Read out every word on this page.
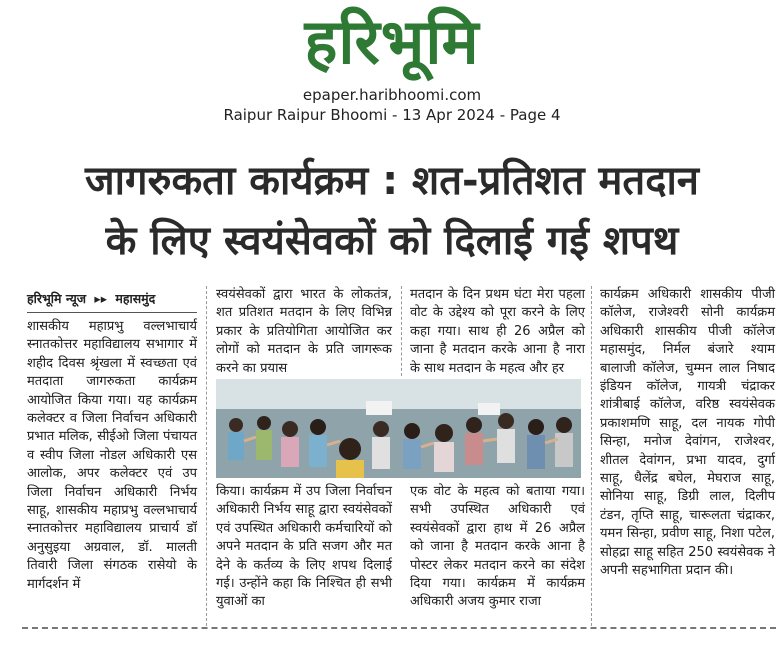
हरिभूमि
epaper.haribhoomi.com
Raipur Raipur Bhoomi - 13 Apr 2024 - Page 4
जागरुकता कार्यक्रम : शत-प्रतिशत मतदान
के लिए स्वयंसेवकों को दिलाई गई शपथ
हरिभूमि न्यूज ▸▸ महासमुंद

शासकीय महाप्रभु वल्लभाचार्य स्नातकोत्तर महाविद्यालय सभागार में शहीद दिवस श्रृंखला में स्वच्छता एवं मतदाता जागरुकता कार्यक्रम आयोजित किया गया। यह कार्यक्रम कलेक्टर व जिला निर्वाचन अधिकारी प्रभात मलिक, सीईओ जिला पंचायत व स्वीप जिला नोडल अधिकारी एस आलोक, अपर कलेक्टर एवं उप जिला निर्वाचन अधिकारी निर्भय साहू, शासकीय महाप्रभु वल्लभाचार्य स्नातकोत्तर महाविद्यालय प्राचार्य डॉ अनुसुइया अग्रवाल, डॉ. मालती तिवारी जिला संगठक रासेयो के मार्गदर्शन में

स्वयंसेवकों द्वारा भारत के लोकतंत्र, शत प्रतिशत मतदान के लिए विभिन्न प्रकार के प्रतियोगिता आयोजित कर लोगों को मतदान के प्रति जागरूक करने का प्रयास

किया। कार्यक्रम में उप जिला निर्वाचन अधिकारी निर्भय साहू द्वारा स्वयंसेवकों एवं उपस्थित अधिकारी कर्मचारियों को अपने मतदान के प्रति सजग और मत देने के कर्तव्य के लिए शपथ दिलाई गई। उन्होंने कहा कि निश्चित ही सभी युवाओं का

मतदान के दिन प्रथम घंटा मेरा पहला वोट के उद्देश्य को पूरा करने के लिए कहा गया। साथ ही 26 अप्रैल को जाना है मतदान करके आना है नारा के साथ मतदान के महत्व और हर

एक वोट के महत्व को बताया गया। सभी उपस्थित अधिकारी एवं स्वयंसेवकों द्वारा हाथ में 26 अप्रैल को जाना है मतदान करके आना है पोस्टर लेकर मतदान करने का संदेश दिया गया। कार्यक्रम में कार्यक्रम अधिकारी अजय कुमार राजा

कार्यक्रम अधिकारी शासकीय पीजी कॉलेज, राजेश्वरी सोनी कार्यक्रम अधिकारी शासकीय पीजी कॉलेज महासमुंद, निर्मल बंजारे श्याम बालाजी कॉलेज, चुम्मन लाल निषाद इंडियन कॉलेज, गायत्री चंद्राकर शांत्रीबाई कॉलेज, वरिष्ठ स्वयंसेवक प्रकाशमणि साहू, दल नायक गोपी सिन्हा, मनोज देवांगन, राजेश्वर, शीतल देवांगन, प्रभा यादव, दुर्गा साहू, धैलेंद्र बघेल, मेघराज साहू, सोनिया साहू, डिग्री लाल, दिलीप टंडन, तृप्ति साहू, चारूलता चंद्राकर, यमन सिन्हा, प्रवीण साहू, निशा पटेल, सोहद्रा साहू सहित 250 स्वयंसेवक ने अपनी सहभागिता प्रदान की।
